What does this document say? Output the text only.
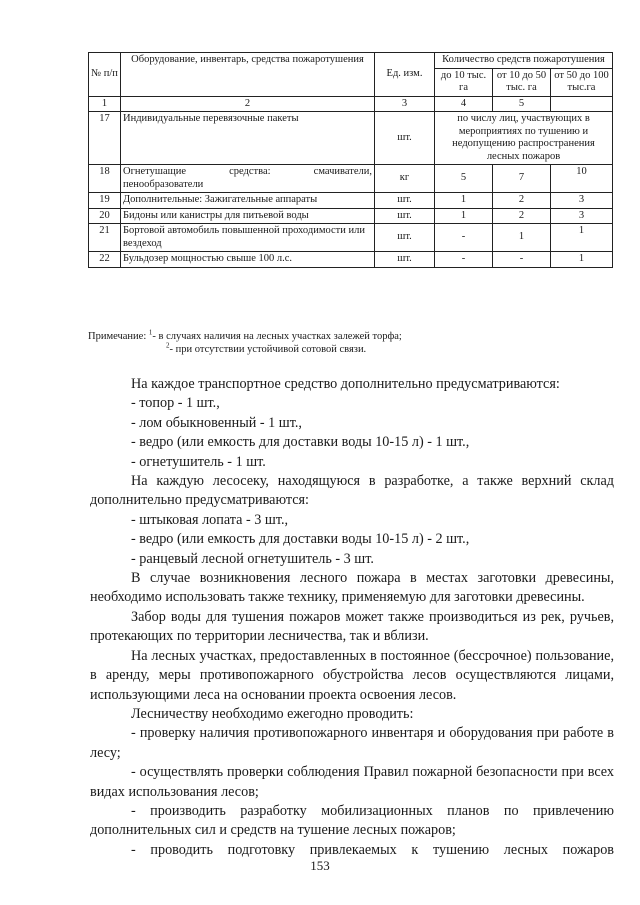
№ п/п	Оборудование, инвентарь, средства пожаротушения	Ед. изм.	Количество средств пожаротушения		
			до 10 тыс. га	от 10 до 50 тыс. га	от 50 до 100 тыс.га
1	2	3	4	5	
17	Индивидуальные перевязочные пакеты	шт.	по числу лиц, участвующих в мероприятиях по тушению и недопущению распространения лесных пожаров		
18	Огнетушащие средства: смачиватели, пенообразователи	кг	5	7	10
19	Дополнительные: Зажигательные аппараты	шт.	1	2	3
20	Бидоны или канистры для питьевой воды	шт.	1	2	3
21	Бортовой автомобиль повышенной проходимости или вездеход	шт.	-	1	1
22	Бульдозер мощностью свыше 100 л.с.	шт.	-	-	1
Примечание: $^1$- в случаях наличия на лесных участках залежей торфа;
$^2$- при отсутствии устойчивой сотовой связи.

На каждое транспортное средство дополнительно предусматриваются:

- топор - 1 шт.,

- лом обыкновенный - 1 шт.,

- ведро (или емкость для доставки воды 10-15 л) - 1 шт.,

- огнетушитель - 1 шт.

На каждую лесосеку, находящуюся в разработке, а также верхний склад дополнительно предусматриваются:

- штыковая лопата - 3 шт.,

- ведро (или емкость для доставки воды 10-15 л) - 2 шт.,

- ранцевый лесной огнетушитель - 3 шт.

В случае возникновения лесного пожара в местах заготовки древесины, необходимо использовать также технику, применяемую для заготовки древесины.

Забор воды для тушения пожаров может также производиться из рек, ручьев, протекающих по территории лесничества, так и вблизи.

На лесных участках, предоставленных в постоянное (бессрочное) пользование, в аренду, меры противопожарного обустройства лесов осуществляются лицами, использующими леса на основании проекта освоения лесов.

Лесничеству необходимо ежегодно проводить:

- проверку наличия противопожарного инвентаря и оборудования при работе в лесу;

- осуществлять проверки соблюдения Правил пожарной безопасности при всех видах использования лесов;

- производить разработку мобилизационных планов по привлечению дополнительных сил и средств на тушение лесных пожаров;

- проводить подготовку привлекаемых к тушению лесных пожаров

153
